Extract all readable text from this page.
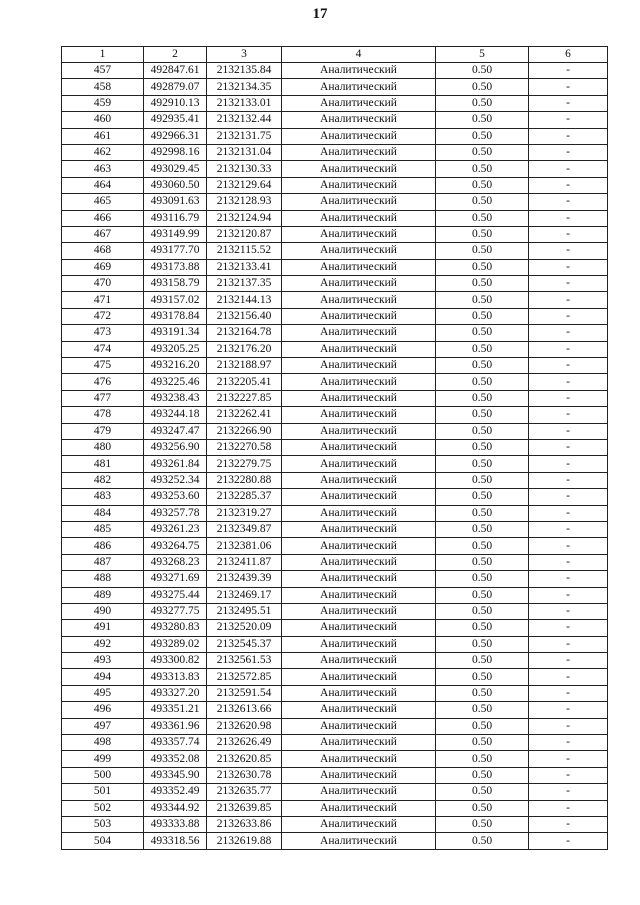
17
1	2	3	4	5	6
457	492847.61	2132135.84	Аналитический	0.50	-
458	492879.07	2132134.35	Аналитический	0.50	-
459	492910.13	2132133.01	Аналитический	0.50	-
460	492935.41	2132132.44	Аналитический	0.50	-
461	492966.31	2132131.75	Аналитический	0.50	-
462	492998.16	2132131.04	Аналитический	0.50	-
463	493029.45	2132130.33	Аналитический	0.50	-
464	493060.50	2132129.64	Аналитический	0.50	-
465	493091.63	2132128.93	Аналитический	0.50	-
466	493116.79	2132124.94	Аналитический	0.50	-
467	493149.99	2132120.87	Аналитический	0.50	-
468	493177.70	2132115.52	Аналитический	0.50	-
469	493173.88	2132133.41	Аналитический	0.50	-
470	493158.79	2132137.35	Аналитический	0.50	-
471	493157.02	2132144.13	Аналитический	0.50	-
472	493178.84	2132156.40	Аналитический	0.50	-
473	493191.34	2132164.78	Аналитический	0.50	-
474	493205.25	2132176.20	Аналитический	0.50	-
475	493216.20	2132188.97	Аналитический	0.50	-
476	493225.46	2132205.41	Аналитический	0.50	-
477	493238.43	2132227.85	Аналитический	0.50	-
478	493244.18	2132262.41	Аналитический	0.50	-
479	493247.47	2132266.90	Аналитический	0.50	-
480	493256.90	2132270.58	Аналитический	0.50	-
481	493261.84	2132279.75	Аналитический	0.50	-
482	493252.34	2132280.88	Аналитический	0.50	-
483	493253.60	2132285.37	Аналитический	0.50	-
484	493257.78	2132319.27	Аналитический	0.50	-
485	493261.23	2132349.87	Аналитический	0.50	-
486	493264.75	2132381.06	Аналитический	0.50	-
487	493268.23	2132411.87	Аналитический	0.50	-
488	493271.69	2132439.39	Аналитический	0.50	-
489	493275.44	2132469.17	Аналитический	0.50	-
490	493277.75	2132495.51	Аналитический	0.50	-
491	493280.83	2132520.09	Аналитический	0.50	-
492	493289.02	2132545.37	Аналитический	0.50	-
493	493300.82	2132561.53	Аналитический	0.50	-
494	493313.83	2132572.85	Аналитический	0.50	-
495	493327.20	2132591.54	Аналитический	0.50	-
496	493351.21	2132613.66	Аналитический	0.50	-
497	493361.96	2132620.98	Аналитический	0.50	-
498	493357.74	2132626.49	Аналитический	0.50	-
499	493352.08	2132620.85	Аналитический	0.50	-
500	493345.90	2132630.78	Аналитический	0.50	-
501	493352.49	2132635.77	Аналитический	0.50	-
502	493344.92	2132639.85	Аналитический	0.50	-
503	493333.88	2132633.86	Аналитический	0.50	-
504	493318.56	2132619.88	Аналитический	0.50	-
